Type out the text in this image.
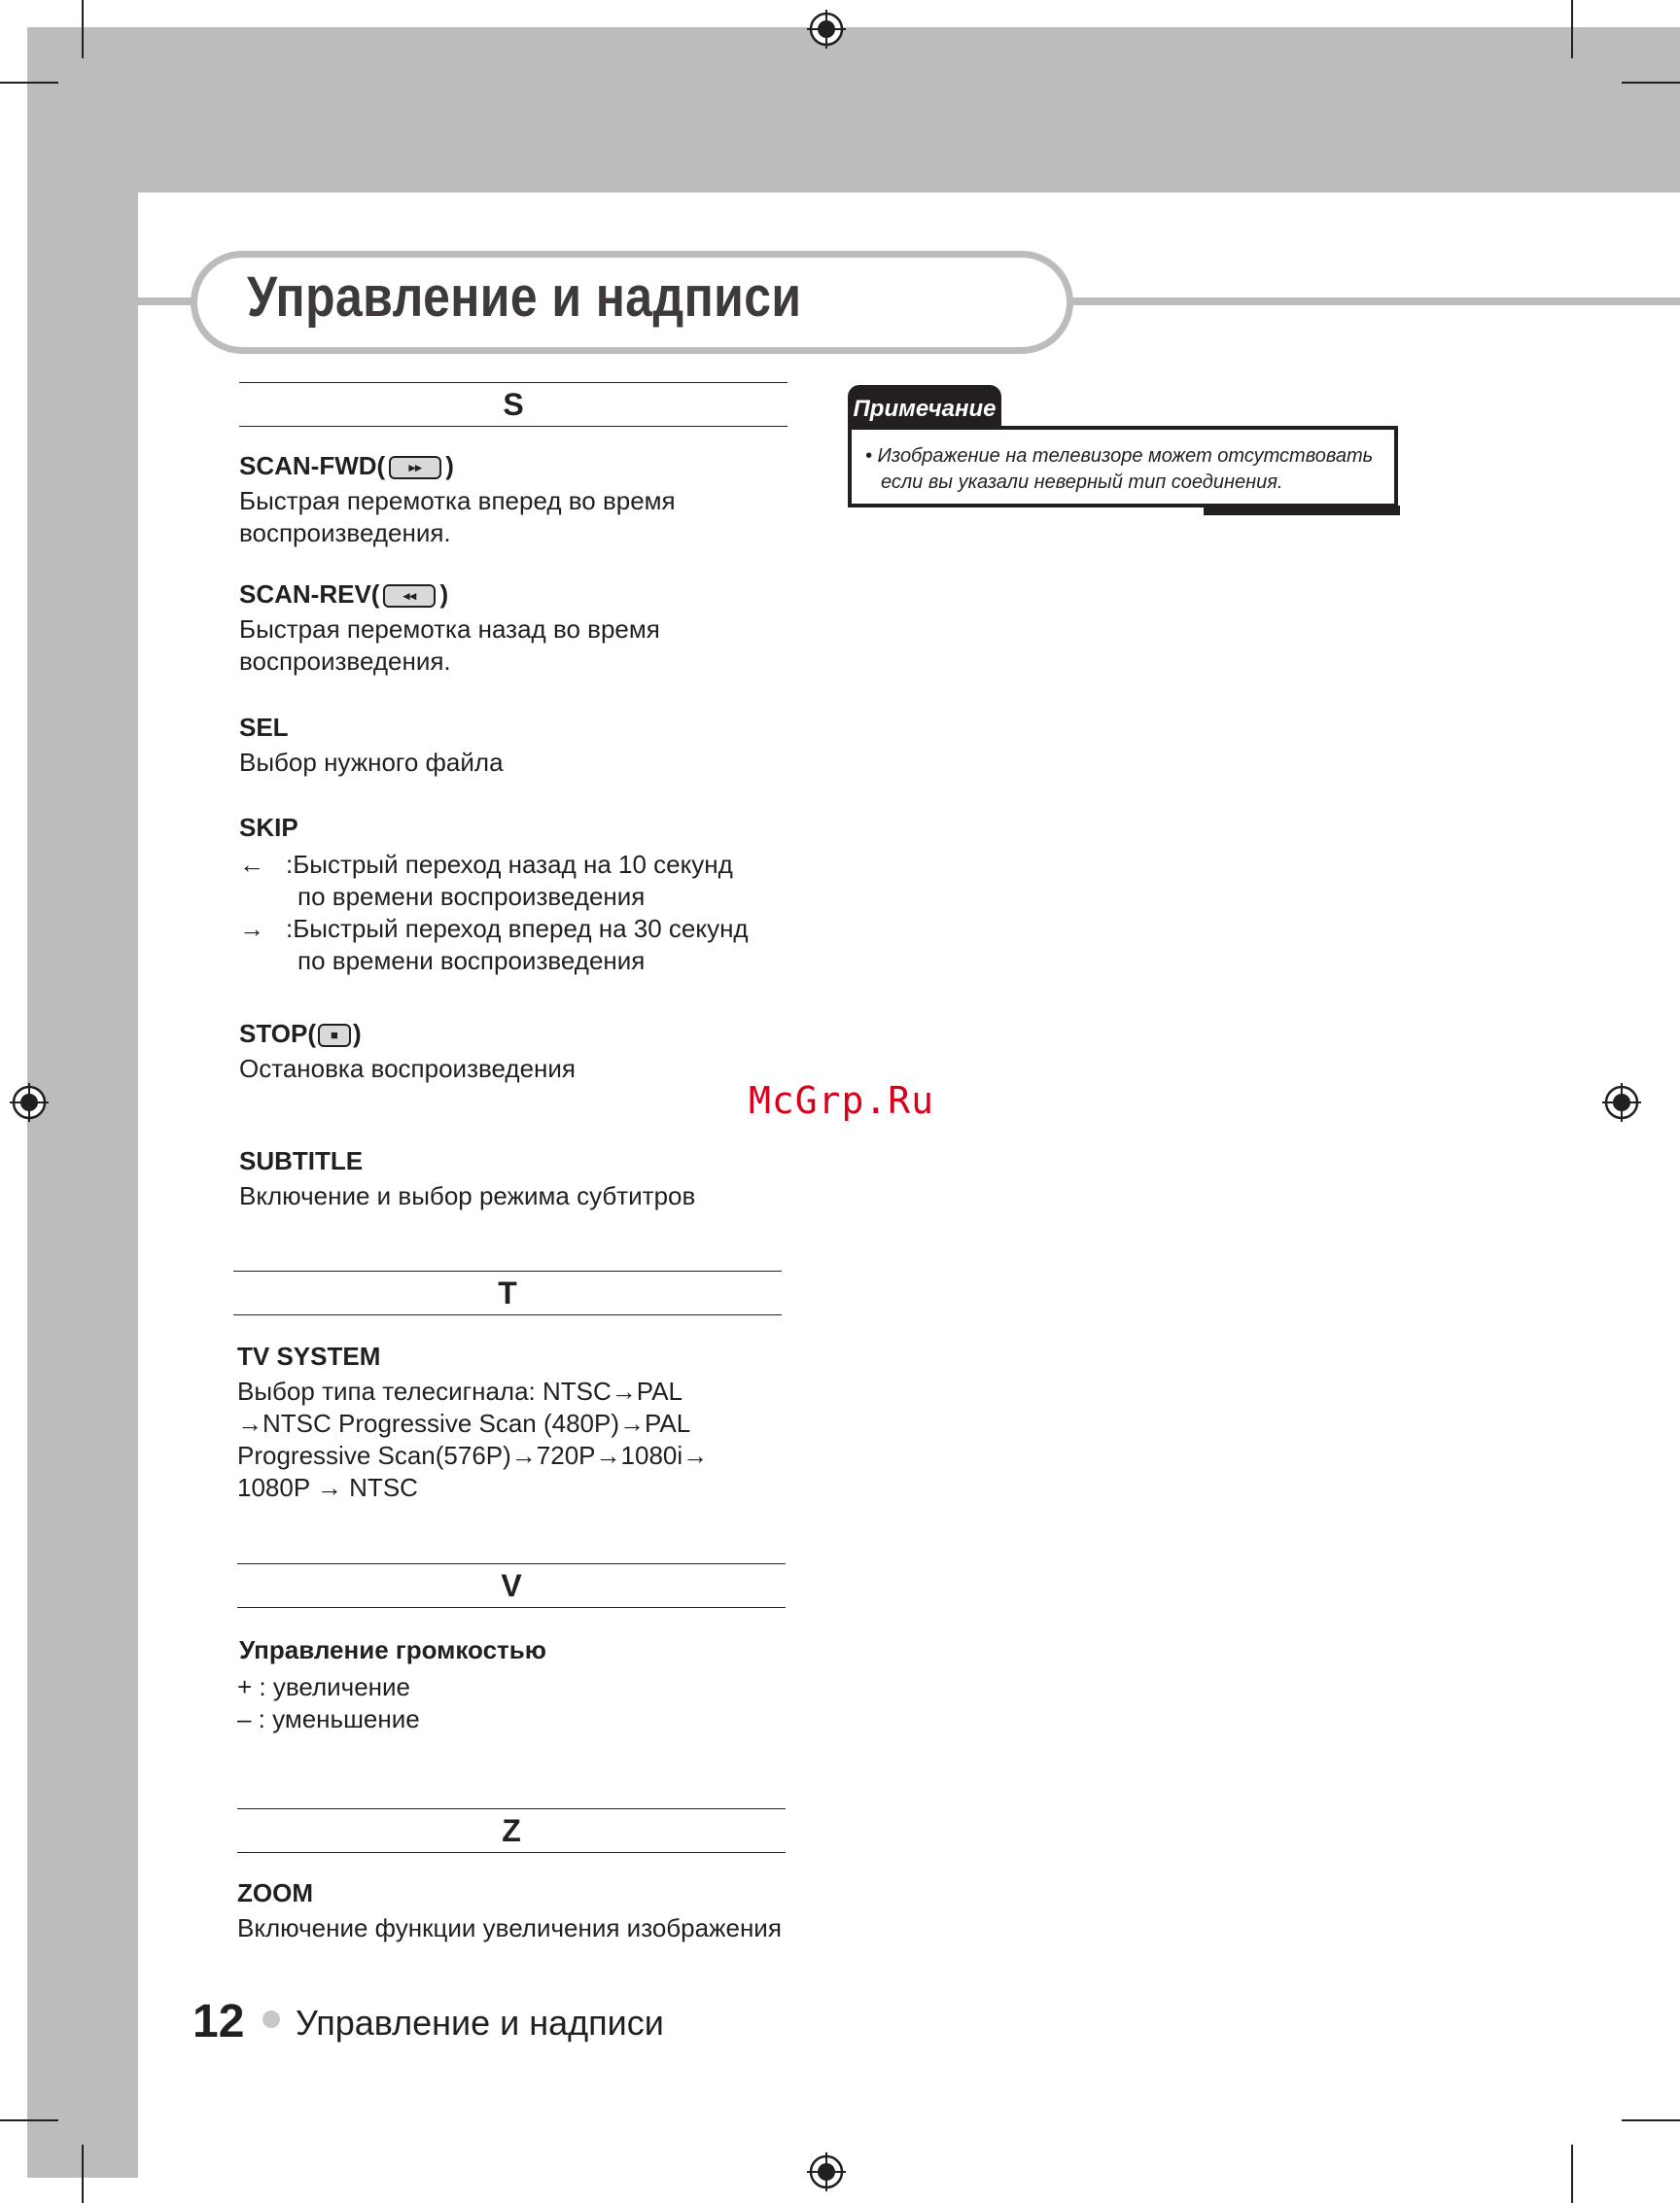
Управление и надписи
S
SCAN-FWD( ▸▸ )
Быстрая перемотка вперед во время
воспроизведения.
SCAN-REV( ◂◂ )
Быстрая перемотка назад во время
воспроизведения.
SEL
Выбор нужного файла
SKIP
← :Быстрый переход назад на 10 секунд
по времени воспроизведения
→ :Быстрый переход вперед на 30 секунд
по времени воспроизведения
STOP( ■ )
Остановка воспроизведения
SUBTITLE
Включение и выбор режима субтитров
T
TV SYSTEM
Выбор типа телесигнала: NTSC→PAL
→NTSC Progressive Scan (480P)→PAL
Progressive Scan(576P)→720P→1080i→
1080P → NTSC
V
Управление громкостью
+ : увеличение
– : уменьшение
Z
ZOOM
Включение функции увеличения изображения
• Изображение на телевизоре может отсутствовать
если вы указали неверный тип соединения.
Примечание
McGrp.Ru
12 Управление и надписи
